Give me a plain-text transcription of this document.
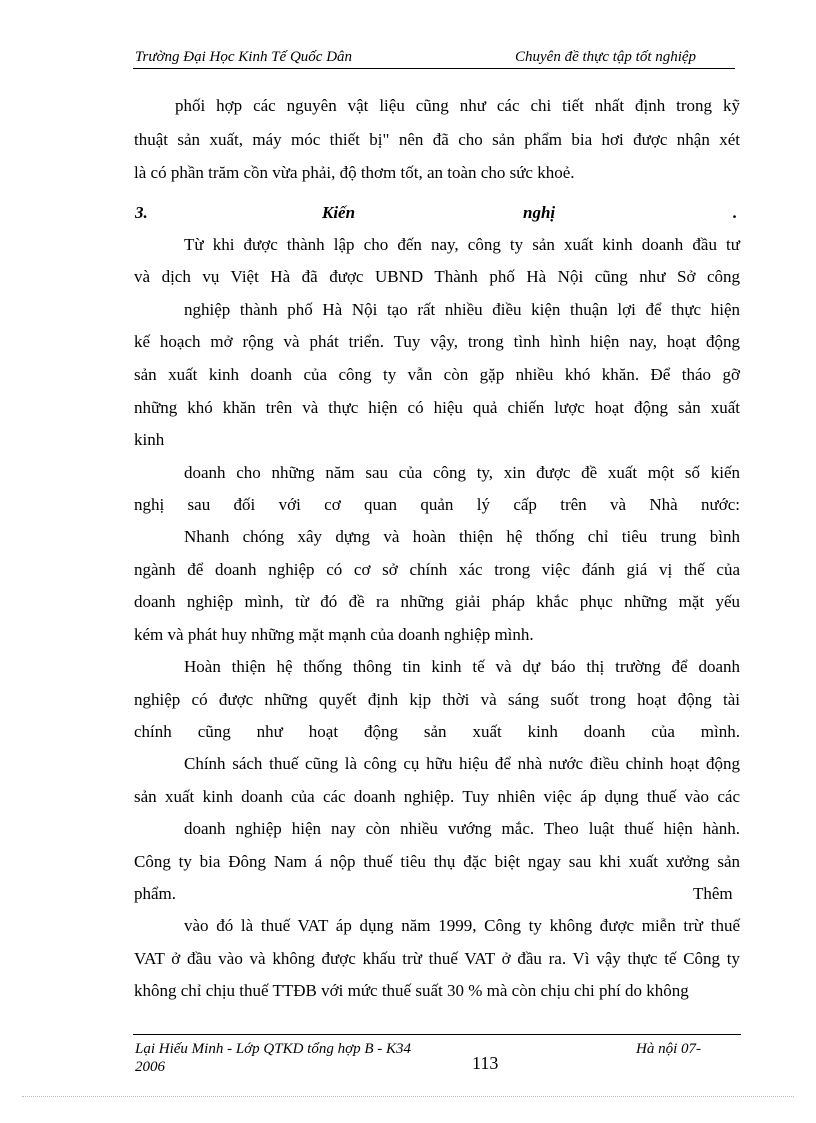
Trường Đại Học Kinh Tế Quốc Dân	Chuyên đề thực tập tốt nghiệp
phối hợp các nguyên vật liệu cũng như các chi tiết nhất định trong kỹ
thuật sản xuất, máy móc thiết bị" nên đã cho sản phẩm bia hơi được nhận xét
là có phần trăm cồn vừa phải, độ thơm tốt, an toàn cho sức khoẻ.
3.	Kiến	nghị	.
Từ khi được thành lập cho đến nay, công ty sản xuất kinh doanh đầu tư
và dịch vụ Việt Hà đã được UBND Thành phố Hà Nội cũng như Sở công
nghiệp thành phố Hà Nội tạo rất nhiều điều kiện thuận lợi để thực hiện
kế hoạch mở rộng và phát triển. Tuy vậy, trong tình hình hiện nay, hoạt động
sản xuất kinh doanh của công ty vẫn còn gặp nhiều khó khăn. Để tháo gỡ
những khó khăn trên và thực hiện có hiệu quả chiến lược hoạt động sản xuất
kinh
doanh cho những năm sau của công ty, xin được đề xuất một số kiến
nghị sau đối với cơ quan quản lý cấp trên và Nhà nước:
Nhanh chóng xây dựng và hoàn thiện hệ thống chỉ tiêu trung bình
ngành để doanh nghiệp có cơ sở chính xác trong việc đánh giá vị thế của
doanh nghiệp mình, từ đó đề ra những giải pháp khắc phục những mặt yếu
kém và phát huy những mặt mạnh của doanh nghiệp mình.
Hoàn thiện hệ thống thông tin kinh tế và dự báo thị trường để doanh
nghiệp có được những quyết định kịp thời và sáng suốt trong hoạt động tài
chính cũng như hoạt động sản xuất kinh doanh của mình.
Chính sách thuế cũng là công cụ hữu hiệu để nhà nước điều chỉnh hoạt động
sản xuất kinh doanh của các doanh nghiệp. Tuy nhiên việc áp dụng thuế vào các
doanh nghiệp hiện nay còn nhiều vướng mắc. Theo luật thuế hiện hành.
Công ty bia Đông Nam á nộp thuế tiêu thụ đặc biệt ngay sau khi xuất xưởng sản
phẩm.	Thêm
vào đó là thuế VAT áp dụng năm 1999, Công ty không được miễn trừ thuế
VAT ở đầu vào và không được khấu trừ thuế VAT ở đầu ra. Vì vậy thực tế Công ty
không chỉ chịu thuế TTĐB với mức thuế suất 30 % mà còn chịu chi phí do không
Lại Hiếu Minh - Lớp QTKD tổng hợp B - K34
2006	113
Hà nội 07-
